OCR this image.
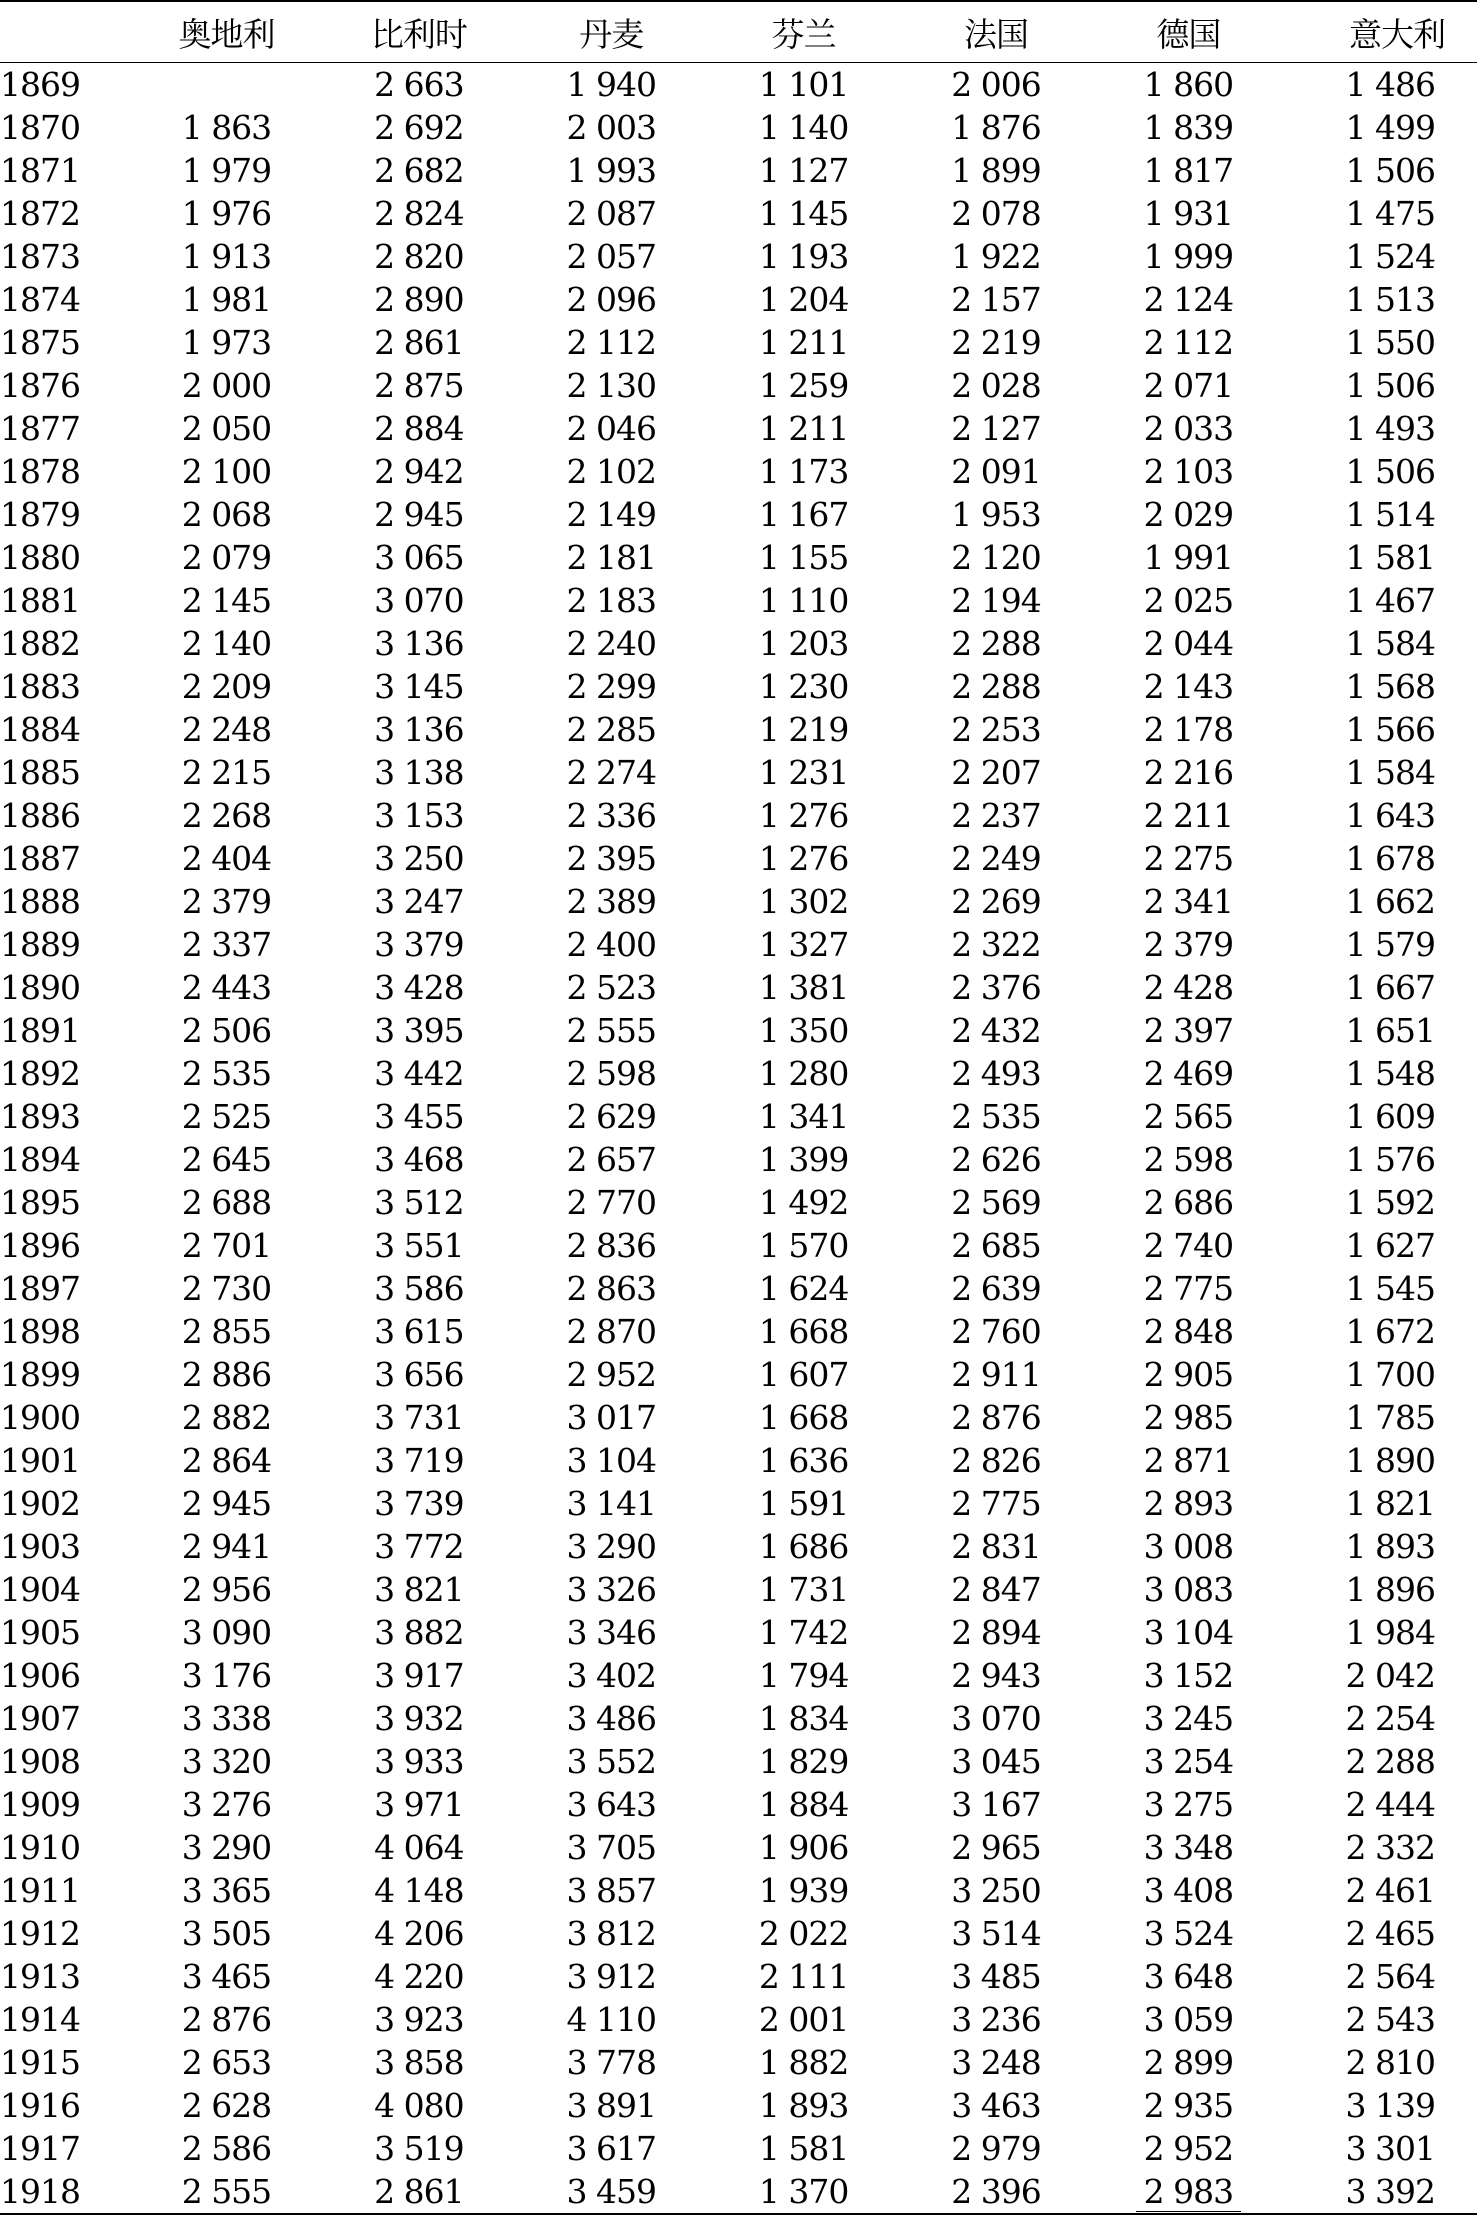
	奥地利	比利时	丹麦	芬兰	法国	德国	意大利
1869		2 663	1 940	1 101	2 006	1 860	1 486
1870	1 863	2 692	2 003	1 140	1 876	1 839	1 499
1871	1 979	2 682	1 993	1 127	1 899	1 817	1 506
1872	1 976	2 824	2 087	1 145	2 078	1 931	1 475
1873	1 913	2 820	2 057	1 193	1 922	1 999	1 524
1874	1 981	2 890	2 096	1 204	2 157	2 124	1 513
1875	1 973	2 861	2 112	1 211	2 219	2 112	1 550
1876	2 000	2 875	2 130	1 259	2 028	2 071	1 506
1877	2 050	2 884	2 046	1 211	2 127	2 033	1 493
1878	2 100	2 942	2 102	1 173	2 091	2 103	1 506
1879	2 068	2 945	2 149	1 167	1 953	2 029	1 514
1880	2 079	3 065	2 181	1 155	2 120	1 991	1 581
1881	2 145	3 070	2 183	1 110	2 194	2 025	1 467
1882	2 140	3 136	2 240	1 203	2 288	2 044	1 584
1883	2 209	3 145	2 299	1 230	2 288	2 143	1 568
1884	2 248	3 136	2 285	1 219	2 253	2 178	1 566
1885	2 215	3 138	2 274	1 231	2 207	2 216	1 584
1886	2 268	3 153	2 336	1 276	2 237	2 211	1 643
1887	2 404	3 250	2 395	1 276	2 249	2 275	1 678
1888	2 379	3 247	2 389	1 302	2 269	2 341	1 662
1889	2 337	3 379	2 400	1 327	2 322	2 379	1 579
1890	2 443	3 428	2 523	1 381	2 376	2 428	1 667
1891	2 506	3 395	2 555	1 350	2 432	2 397	1 651
1892	2 535	3 442	2 598	1 280	2 493	2 469	1 548
1893	2 525	3 455	2 629	1 341	2 535	2 565	1 609
1894	2 645	3 468	2 657	1 399	2 626	2 598	1 576
1895	2 688	3 512	2 770	1 492	2 569	2 686	1 592
1896	2 701	3 551	2 836	1 570	2 685	2 740	1 627
1897	2 730	3 586	2 863	1 624	2 639	2 775	1 545
1898	2 855	3 615	2 870	1 668	2 760	2 848	1 672
1899	2 886	3 656	2 952	1 607	2 911	2 905	1 700
1900	2 882	3 731	3 017	1 668	2 876	2 985	1 785
1901	2 864	3 719	3 104	1 636	2 826	2 871	1 890
1902	2 945	3 739	3 141	1 591	2 775	2 893	1 821
1903	2 941	3 772	3 290	1 686	2 831	3 008	1 893
1904	2 956	3 821	3 326	1 731	2 847	3 083	1 896
1905	3 090	3 882	3 346	1 742	2 894	3 104	1 984
1906	3 176	3 917	3 402	1 794	2 943	3 152	2 042
1907	3 338	3 932	3 486	1 834	3 070	3 245	2 254
1908	3 320	3 933	3 552	1 829	3 045	3 254	2 288
1909	3 276	3 971	3 643	1 884	3 167	3 275	2 444
1910	3 290	4 064	3 705	1 906	2 965	3 348	2 332
1911	3 365	4 148	3 857	1 939	3 250	3 408	2 461
1912	3 505	4 206	3 812	2 022	3 514	3 524	2 465
1913	3 465	4 220	3 912	2 111	3 485	3 648	2 564
1914	2 876	3 923	4 110	2 001	3 236	3 059	2 543
1915	2 653	3 858	3 778	1 882	3 248	2 899	2 810
1916	2 628	4 080	3 891	1 893	3 463	2 935	3 139
1917	2 586	3 519	3 617	1 581	2 979	2 952	3 301
1918	2 555	2 861	3 459	1 370	2 396	2 983	3 392
